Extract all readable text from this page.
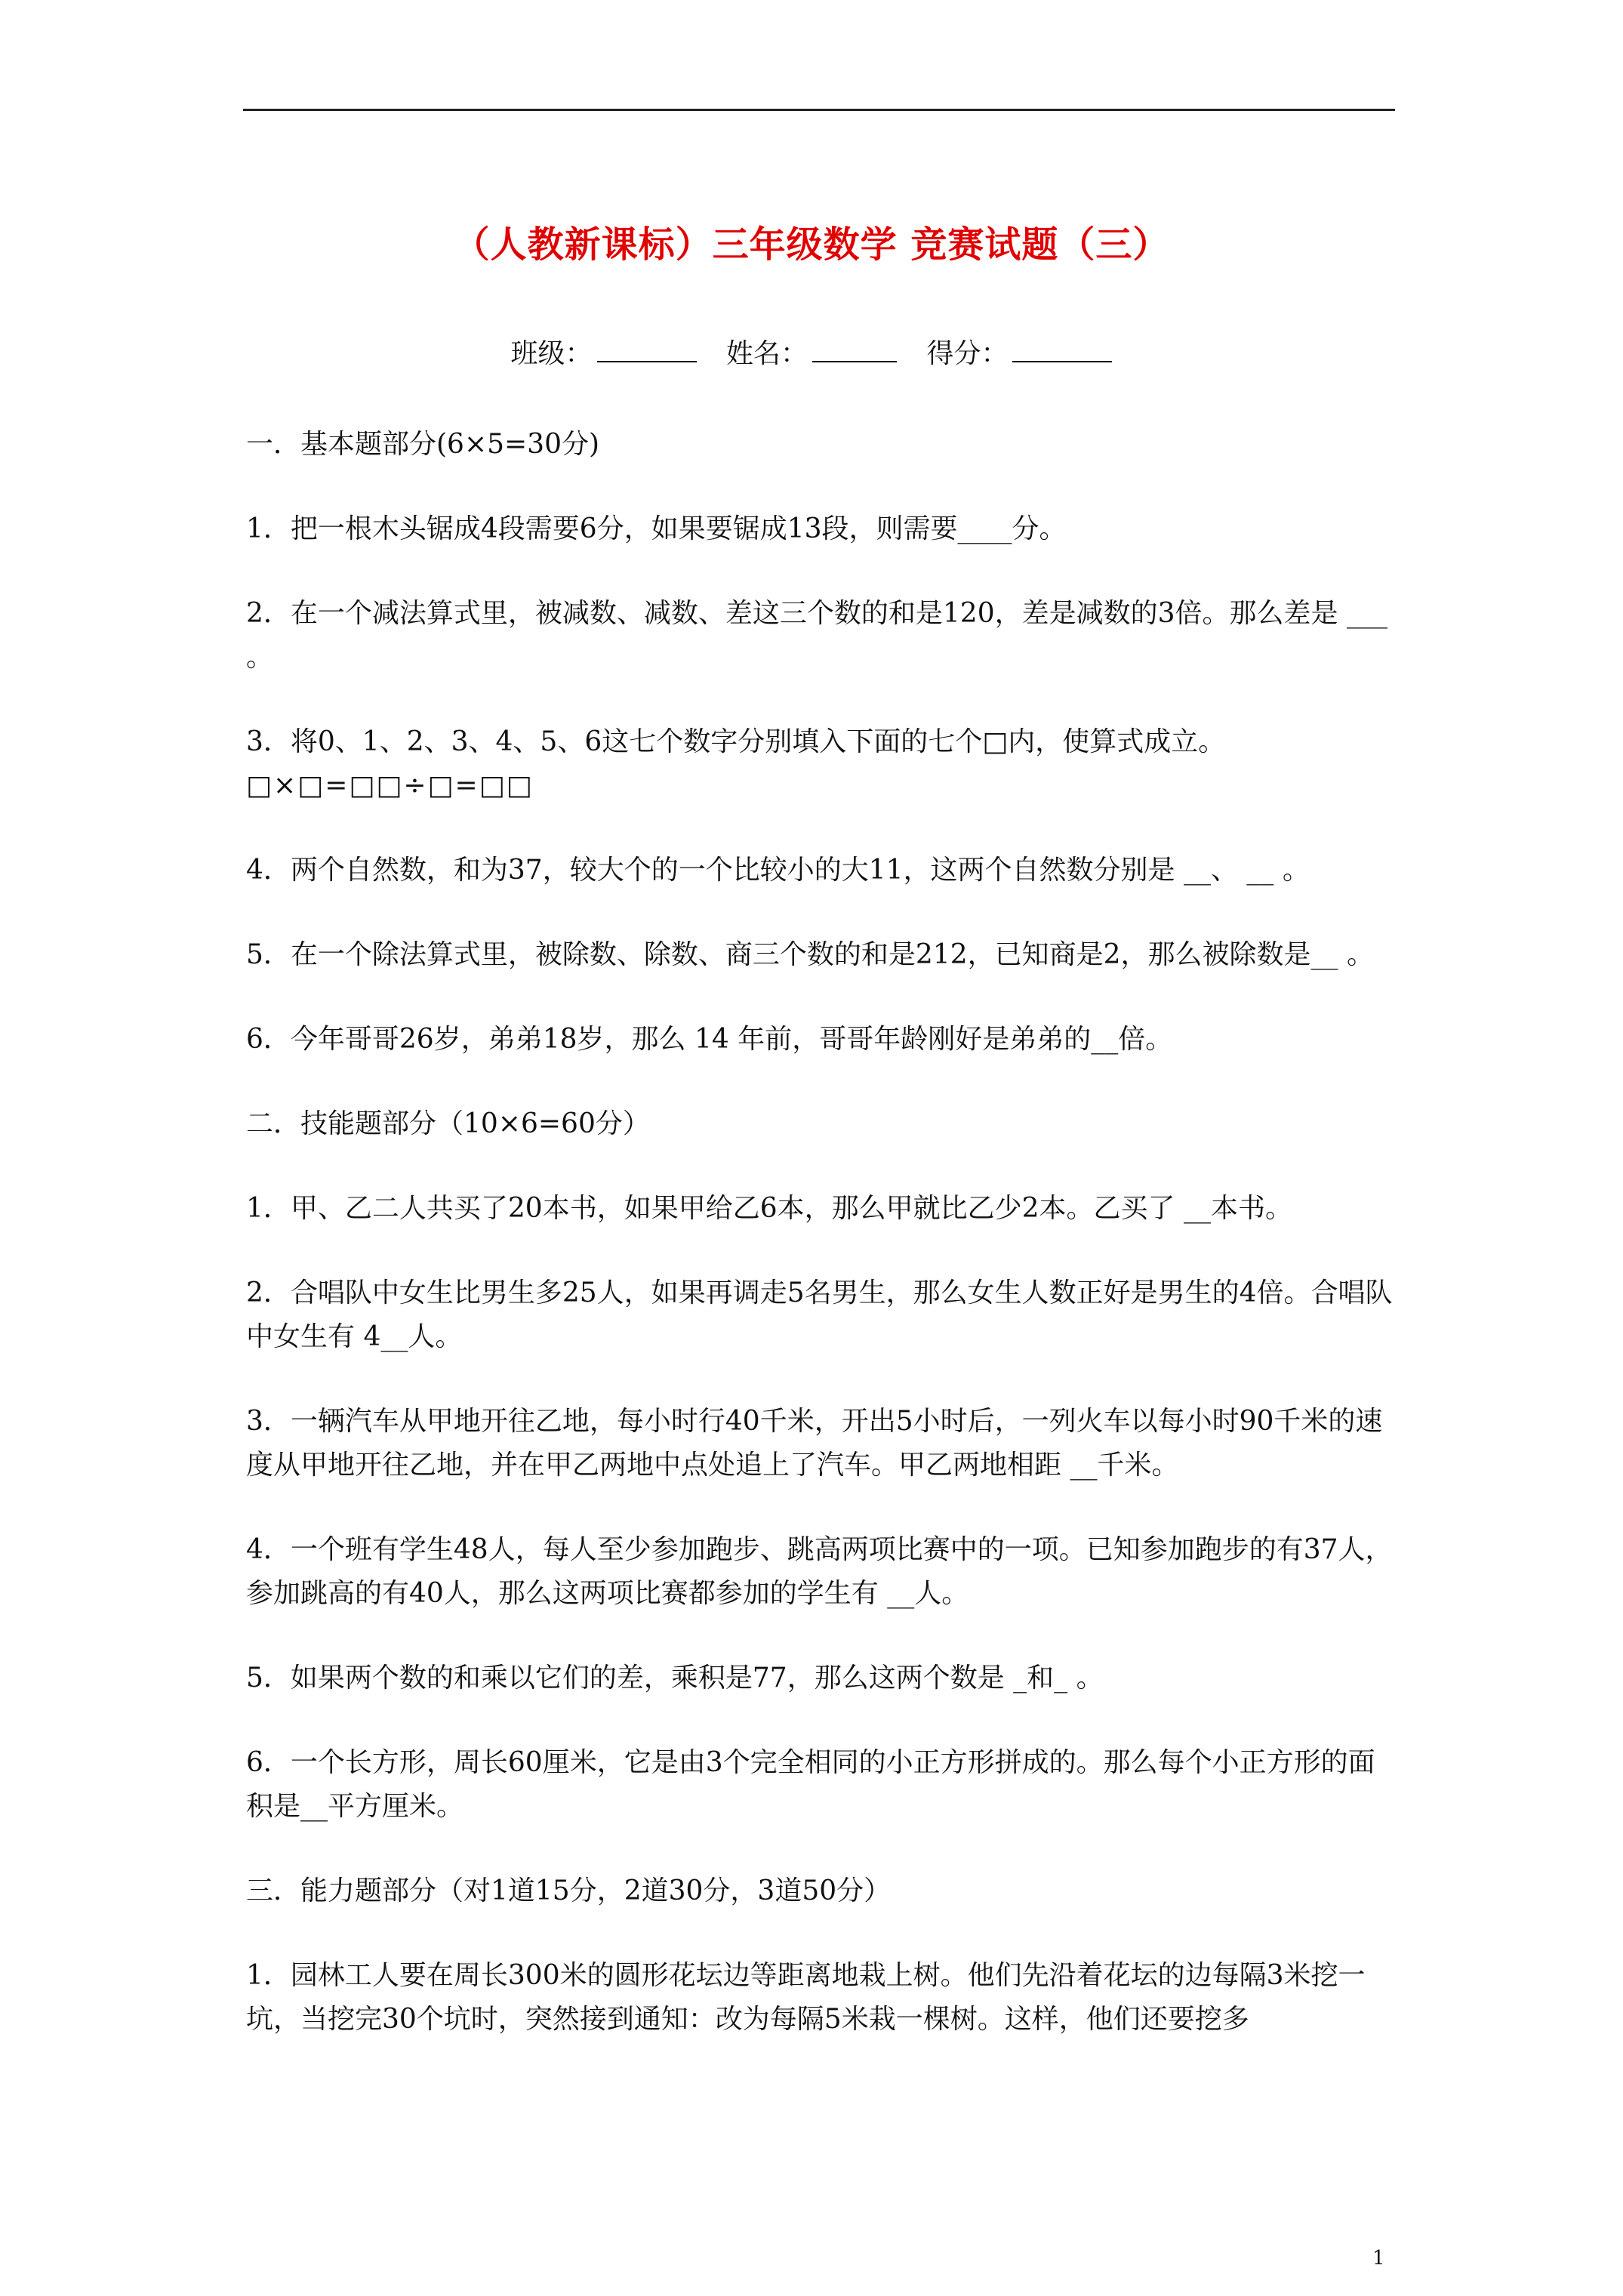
（人教新课标）三年级数学 竞赛试题（三）
班级：	姓名：	得分：

一．基本题部分(6×5=30分)

1．把一根木头锯成4段需要6分，如果要锯成13段，则需要____分。

2．在一个减法算式里，被减数、减数、差这三个数的和是120，差是减数的3倍。那么差是 ___ 。

3．将0、1、2、3、4、5、6这七个数字分别填入下面的七个□内，使算式成立。

□×□=□□÷□=□□

4．两个自然数，和为37，较大个的一个比较小的大11，这两个自然数分别是 __、 __ 。

5．在一个除法算式里，被除数、除数、商三个数的和是212，已知商是2，那么被除数是__ 。

6．今年哥哥26岁，弟弟18岁，那么 14 年前，哥哥年龄刚好是弟弟的__倍。

二．技能题部分（10×6=60分）

1．甲、乙二人共买了20本书，如果甲给乙6本，那么甲就比乙少2本。乙买了 __本书。

2．合唱队中女生比男生多25人，如果再调走5名男生，那么女生人数正好是男生的4倍。合唱队中女生有 4__人。

3．一辆汽车从甲地开往乙地，每小时行40千米，开出5小时后，一列火车以每小时90千米的速度从甲地开往乙地，并在甲乙两地中点处追上了汽车。甲乙两地相距 __千米。

4．一个班有学生48人，每人至少参加跑步、跳高两项比赛中的一项。已知参加跑步的有37人，参加跳高的有40人，那么这两项比赛都参加的学生有 __人。

5．如果两个数的和乘以它们的差，乘积是77，那么这两个数是 _和_ 。

6．一个长方形，周长60厘米，它是由3个完全相同的小正方形拼成的。那么每个小正方形的面积是__平方厘米。

三．能力题部分（对1道15分，2道30分，3道50分）

1．园林工人要在周长300米的圆形花坛边等距离地栽上树。他们先沿着花坛的边每隔3米挖一坑，当挖完30个坑时，突然接到通知：改为每隔5米栽一棵树。这样，他们还要挖多

1
